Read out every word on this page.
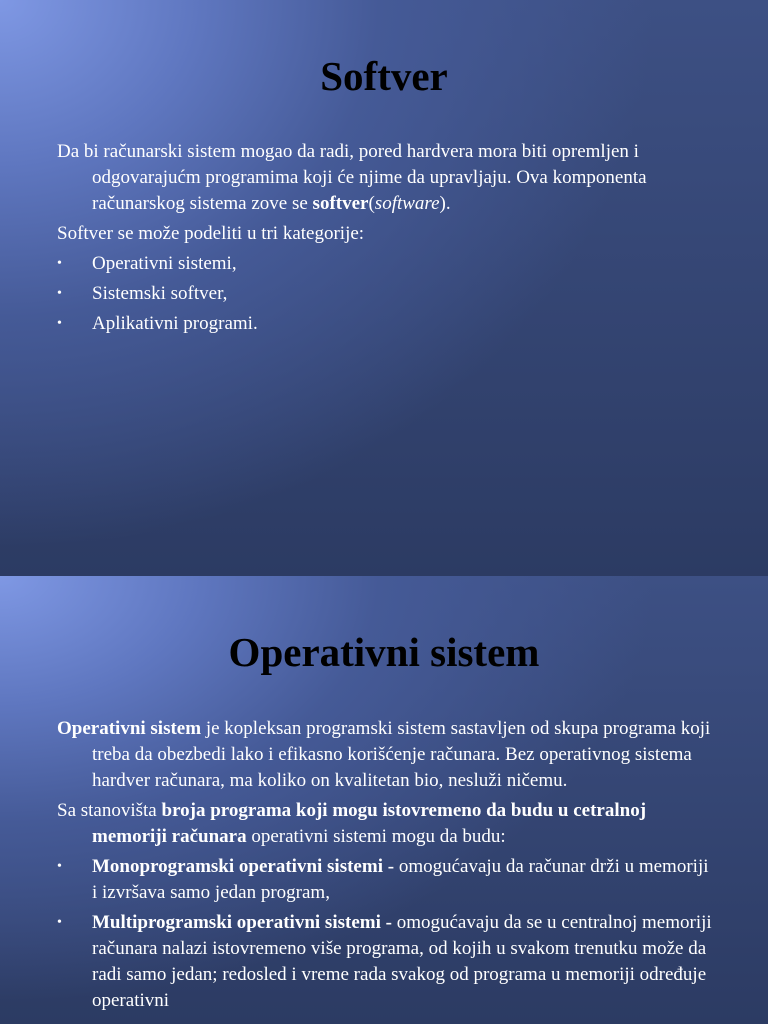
Softver

Da bi računarski sistem mogao da radi, pored hardvera mora biti opremljen i odgovarajućm programima koji će njime da upravljaju. Ova komponenta računarskog sistema zove se softver(software).

Softver se može podeliti u tri kategorije:

• Operativni sistemi,
• Sistemski softver,
• Aplikativni programi.
Operativni sistem

Operativni sistem je kopleksan programski sistem sastavljen od skupa programa koji treba da obezbedi lako i efikasno korišćenje računara. Bez operativnog sistema hardver računara, ma koliko on kvalitetan bio, nesluži ničemu.

Sa stanovišta broja programa koji mogu istovremeno da budu u cetralnoj memoriji računara operativni sistemi mogu da budu:

• Monoprogramski operativni sistemi - omogućavaju da računar drži u memoriji i izvršava samo jedan program,
• Multiprogramski operativni sistemi - omogućavaju da se u centralnoj memoriji računara nalazi istovremeno više programa, od kojih u svakom trenutku može da radi samo jedan; redosled i vreme rada svakog od programa u memoriji određuje operativni
